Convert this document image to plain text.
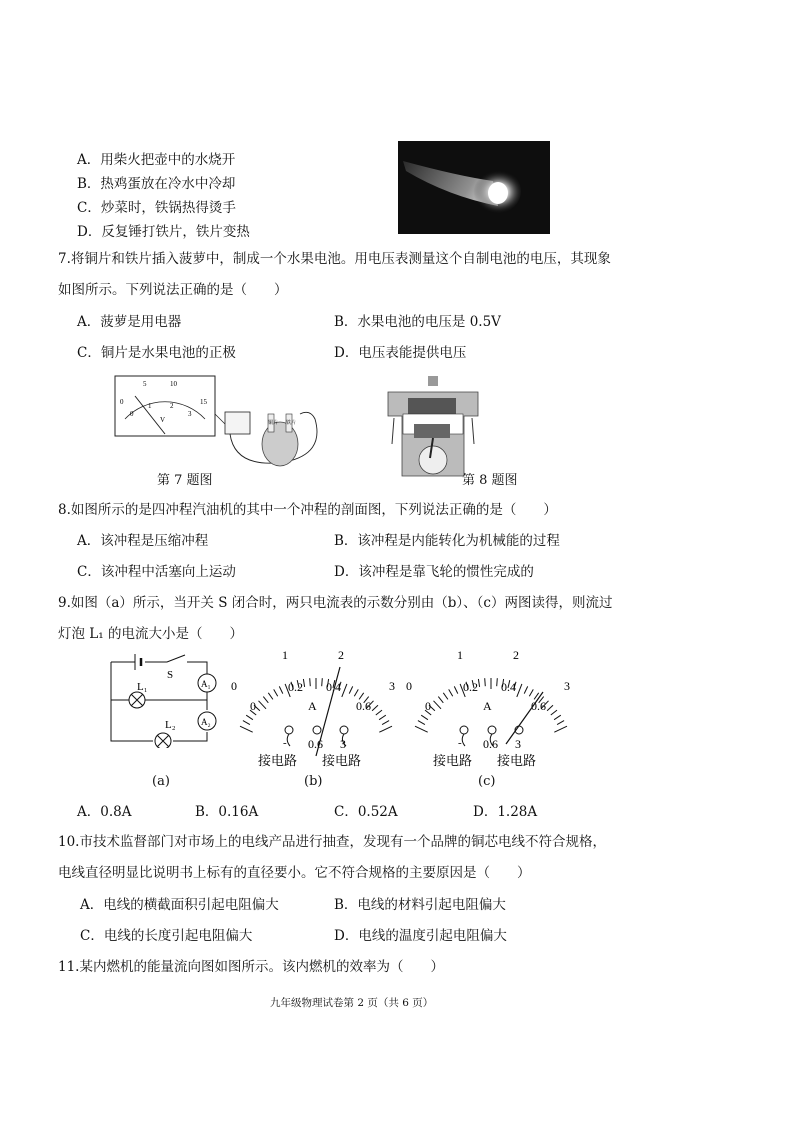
A．用柴火把壶中的水烧开
B．热鸡蛋放在冷水中冷却
C．炒菜时，铁锅热得烫手
D．反复锤打铁片，铁片变热
7.将铜片和铁片插入菠萝中，制成一个水果电池。用电压表测量这个自制电池的电压，其现象
如图所示。下列说法正确的是（　　）
A．菠萝是用电器	B．水果电池的电压是 0.5V
C．铜片是水果电池的正极	D．电压表能提供电压
0
5	10
15
0
1	2
3
V	铜片 铁片
第 7 题图	第 8 题图
8.如图所示的是四冲程汽油机的其中一个冲程的剖面图，下列说法正确的是（　　）
A．该冲程是压缩冲程	B．该冲程是内能转化为机械能的过程
C．该冲程中活塞向上运动	D．该冲程是靠飞轮的惯性完成的
9.如图（a）所示，当开关 S 闭合时，两只电流表的示数分别由（b）、（c）两图读得，则流过
灯泡 L₁ 的电流大小是（　　）
S
L₁
L₂
A₁
A₂
(a)
0
1	2
3
0
0.2 0.4
0.6
A
- 0.6 3
接电路 接电路
(b)
0
1	2
3
0
0.2 0.4
0.6
A
- 0.6 3
接电路 接电路
(c)
A．0.8A	B．0.16A	C．0.52A	D．1.28A
10.市技术监督部门对市场上的电线产品进行抽查，发现有一个品牌的铜芯电线不符合规格，
电线直径明显比说明书上标有的直径要小。它不符合规格的主要原因是（　　）
A．电线的横截面积引起电阻偏大	B．电线的材料引起电阻偏大
C．电线的长度引起电阻偏大	D．电线的温度引起电阻偏大
11.某内燃机的能量流向图如图所示。该内燃机的效率为（　　）
九年级物理试卷第 2 页（共 6 页）
